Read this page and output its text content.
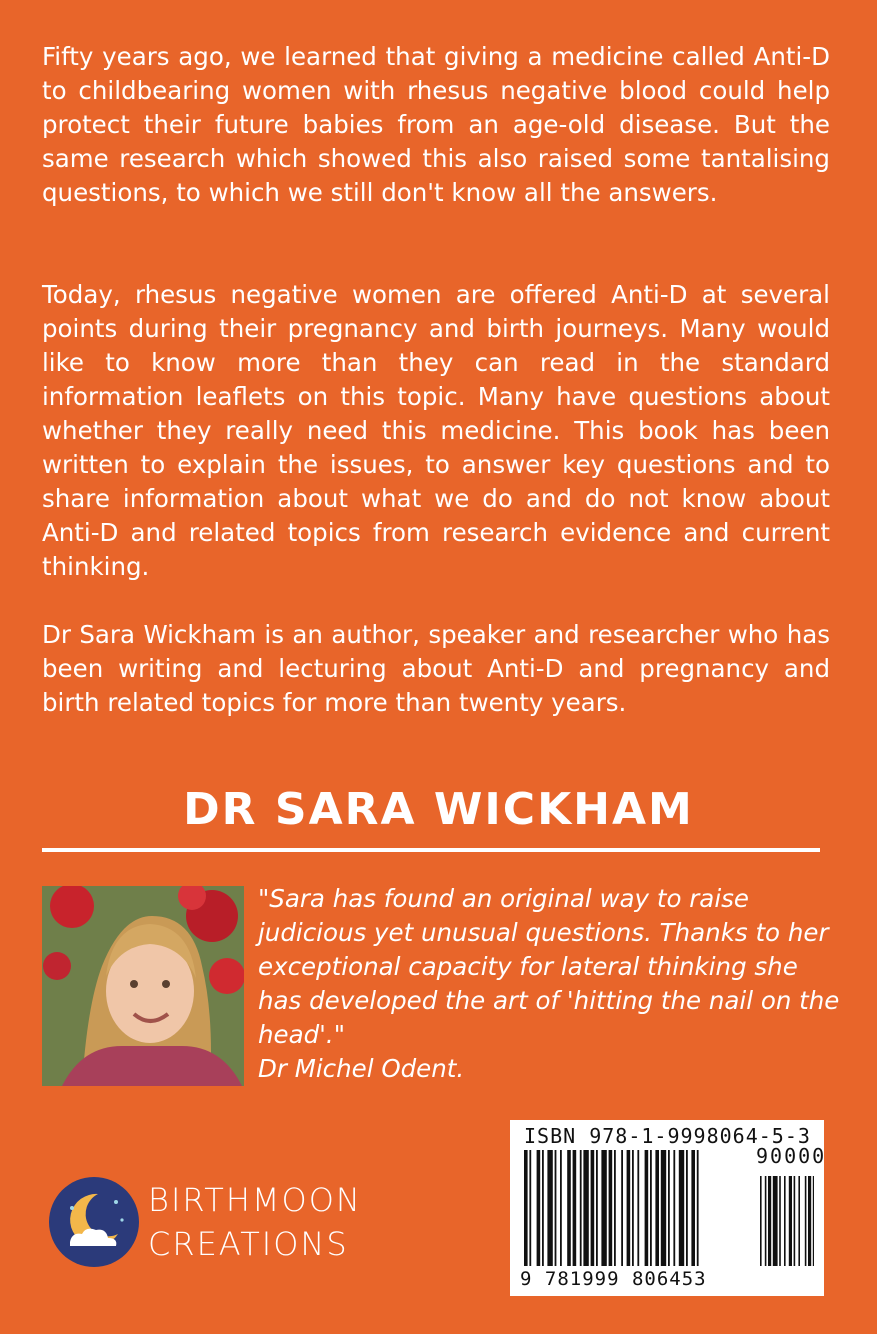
Fifty years ago, we learned that giving a medicine called Anti-D to childbearing women with rhesus negative blood could help protect their future babies from an age-old disease. But the same research which showed this also raised some tantalising questions, to which we still don't know all the answers.

Today, rhesus negative women are offered Anti-D at several points during their pregnancy and birth journeys. Many would like to know more than they can read in the standard information leaflets on this topic. Many have questions about whether they really need this medicine. This book has been written to explain the issues, to answer key questions and to share information about what we do and do not know about Anti-D and related topics from research evidence and current thinking.

Dr Sara Wickham is an author, speaker and researcher who has been writing and lecturing about Anti-D and pregnancy and birth related topics for more than twenty years.

DR SARA WICKHAM

"Sara has found an original way to raise judicious yet unusual questions. Thanks to her exceptional capacity for lateral thinking she has developed the art of 'hitting the nail on the head'."

Dr Michel Odent.

BIRTHMOON
CREATIONS
ISBN 978-1-9998064-5-3
90000
9 781999 806453
